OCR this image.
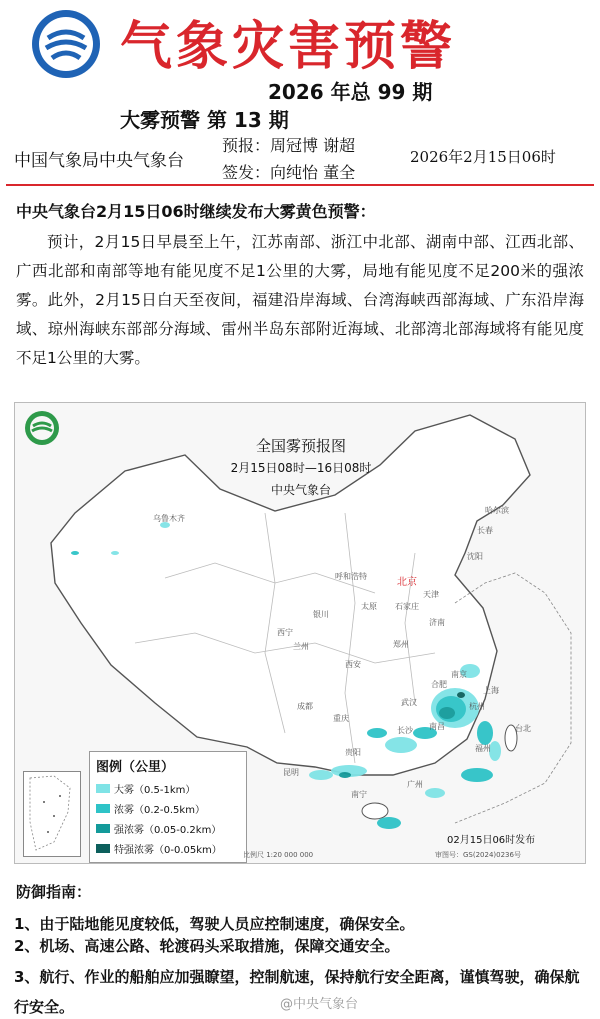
气象灾害预警
2026 年总 99 期
大雾预警 第 13 期
中国气象局中央气象台
预报：周冠博 谢超
签发：向纯怡 董全
2026年2月15日06时
中央气象台2月15日06时继续发布大雾黄色预警：
预计，2月15日早晨至上午，江苏南部、浙江中北部、湖南中部、江西北部、广西北部和南部等地有能见度不足1公里的大雾，局地有能见度不足200米的强浓雾。此外，2月15日白天至夜间，福建沿岸海域、台湾海峡西部海域、广东沿岸海域、琼州海峡东部部分海域、雷州半岛东部附近海域、北部湾北部海域将有能见度不足1公里的大雾。
全国雾预报图
2月15日08时—16日08时
中央气象台
乌鲁木齐
北京
哈尔滨
长春
沈阳
呼和浩特
天津
银川
太原 石家庄
西宁
兰州
济南
郑州
西安
南京
合肥
上海
杭州
成都	武汉
重庆
长沙 南昌
贵阳	福州
昆明
南宁
广州
台北
图例（公里）
大雾（0.5-1km）
浓雾（0.2-0.5km）
强浓雾（0.05-0.2km）
特强浓雾（0-0.05km）
02月15日06时发布
比例尺 1:20 000 000	审图号：GS(2024)0236号
防御指南：
1、由于陆地能见度较低，驾驶人员应控制速度，确保安全。
2、机场、高速公路、轮渡码头采取措施，保障交通安全。
3、航行、作业的船舶应加强瞭望，控制航速，保持航行安全距离，谨慎驾驶，确保航行安全。	@中央气象台
